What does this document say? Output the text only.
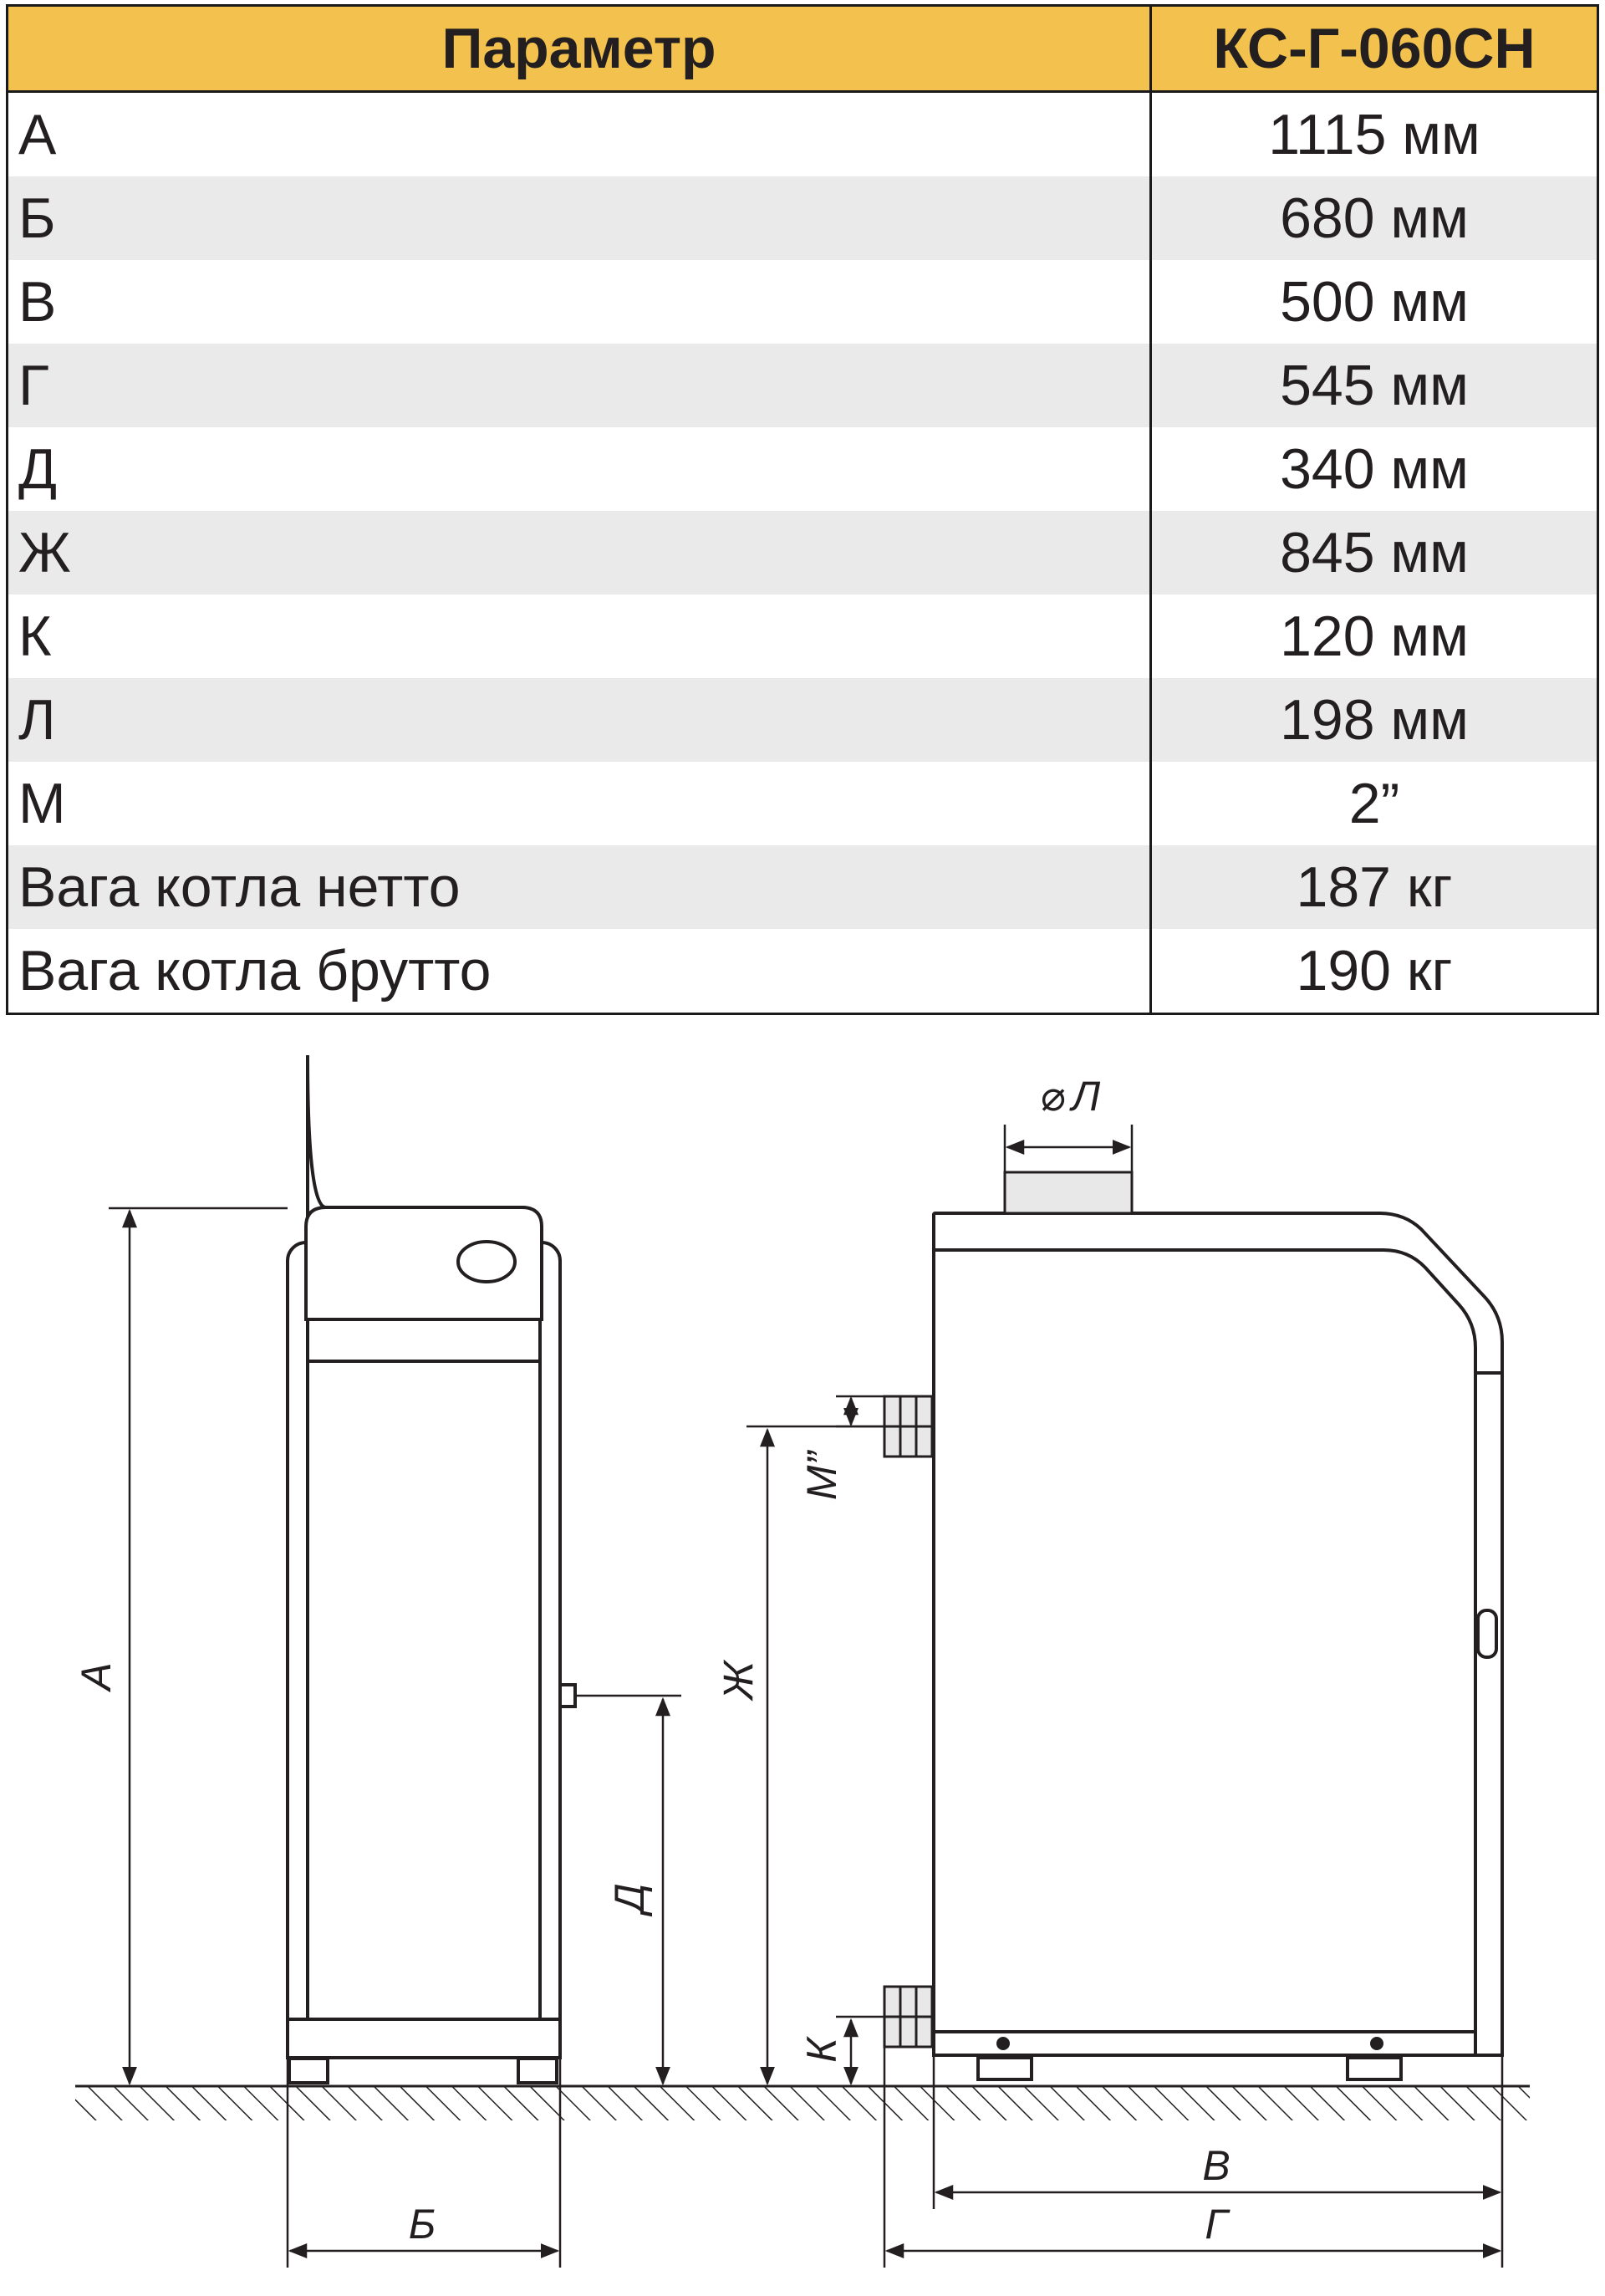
Параметр	КС-Г-060СН
А	1115 мм
Б	680 мм
В	500 мм
Г	545 мм
Д	340 мм
Ж	845 мм
К	120 мм
Л	198 мм
М	2”
Вага котла нетто	187 кг
Вага котла брутто	190 кг
А
Д
Б
⌀ Л
М”
Ж
К
В
Г
